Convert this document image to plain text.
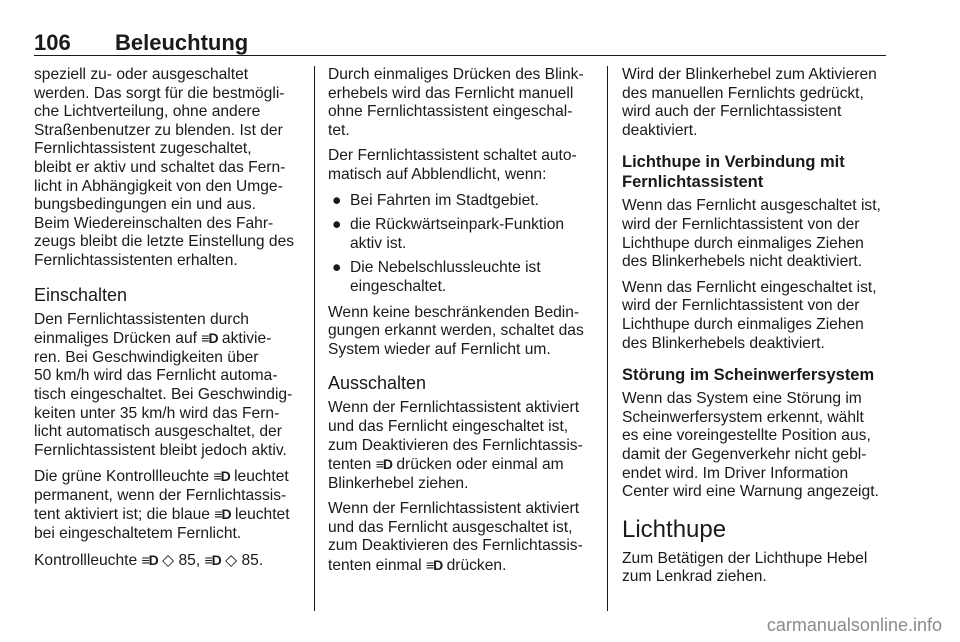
106 Beleuchtung

speziell zu- oder ausgeschaltet
werden. Das sorgt für die bestmögli‐
che Lichtverteilung, ohne andere
Straßenbenutzer zu blenden. Ist der
Fernlichtassistent zugeschaltet,
bleibt er aktiv und schaltet das Fern‐
licht in Abhängigkeit von den Umge‐
bungsbedingungen ein und aus.
Beim Wiedereinschalten des Fahr‐
zeugs bleibt die letzte Einstellung des
Fernlichtassistenten erhalten.

Einschalten

Den Fernlichtassistenten durch
einmaliges Drücken auf ≡D aktivie‐
ren. Bei Geschwindigkeiten über
50 km/h wird das Fernlicht automa‐
tisch eingeschaltet. Bei Geschwindig‐
keiten unter 35 km/h wird das Fern‐
licht automatisch ausgeschaltet, der
Fernlichtassistent bleibt jedoch aktiv.

Die grüne Kontrollleuchte ≡D leuchtet
permanent, wenn der Fernlichtassis‐
tent aktiviert ist; die blaue ≡D leuchtet
bei eingeschaltetem Fernlicht.

Kontrollleuchte ≡D ◇ 85, ≡D ◇ 85.

Durch einmaliges Drücken des Blink‐
erhebels wird das Fernlicht manuell
ohne Fernlichtassistent eingeschal‐
tet.

Der Fernlichtassistent schaltet auto‐
matisch auf Abblendlicht, wenn:

● Bei Fahrten im Stadtgebiet.
● die Rückwärtseinpark-Funktion
aktiv ist.
● Die Nebelschlussleuchte ist
eingeschaltet.

Wenn keine beschränkenden Bedin‐
gungen erkannt werden, schaltet das
System wieder auf Fernlicht um.

Ausschalten

Wenn der Fernlichtassistent aktiviert
und das Fernlicht eingeschaltet ist,
zum Deaktivieren des Fernlichtassis‐
tenten ≡D drücken oder einmal am
Blinkerhebel ziehen.

Wenn der Fernlichtassistent aktiviert
und das Fernlicht ausgeschaltet ist,
zum Deaktivieren des Fernlichtassis‐
tenten einmal ≡D drücken.

Wird der Blinkerhebel zum Aktivieren
des manuellen Fernlichts gedrückt,
wird auch der Fernlichtassistent
deaktiviert.

Lichthupe in Verbindung mit
Fernlichtassistent

Wenn das Fernlicht ausgeschaltet ist,
wird der Fernlichtassistent von der
Lichthupe durch einmaliges Ziehen
des Blinkerhebels nicht deaktiviert.

Wenn das Fernlicht eingeschaltet ist,
wird der Fernlichtassistent von der
Lichthupe durch einmaliges Ziehen
des Blinkerhebels deaktiviert.

Störung im Scheinwerfersystem

Wenn das System eine Störung im
Scheinwerfersystem erkennt, wählt
es eine voreingestellte Position aus,
damit der Gegenverkehr nicht gebl‐
endet wird. Im Driver Information
Center wird eine Warnung angezeigt.

Lichthupe

Zum Betätigen der Lichthupe Hebel
zum Lenkrad ziehen.

carmanualsonline.info
